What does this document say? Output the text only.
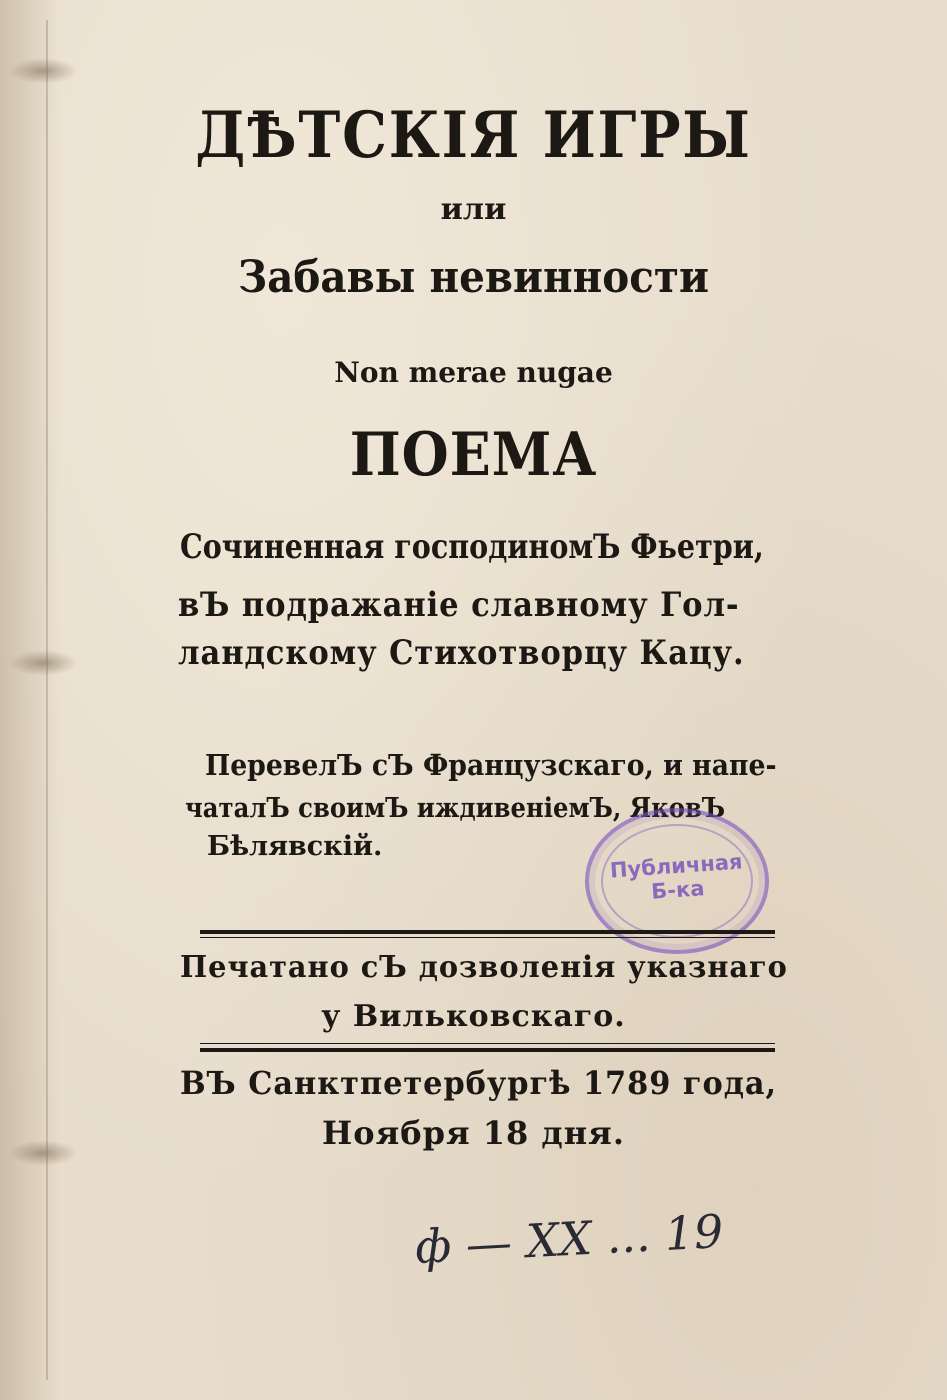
ДѢТСКІЯ ИГРЫ
или
Забавы невинности
Non merae nugae
ПОЕМА
Сочиненная господиномЪ Фьетри,
вЪ подражаніе славному Гол-
ландскому Стихотворцу Кацу.
ПеревелЪ сЪ Французскаго, и напе-
чаталЪ своимЪ иждивеніемЪ, ЯковЪ
Бѣлявскій.
Публичная Б-ка
Печатано сЪ дозволенія указнаго
у Вильковскаго.
ВЪ Санктпетербургѣ 1789 года,
Ноября 18 дня.
ф — XX ... 19
